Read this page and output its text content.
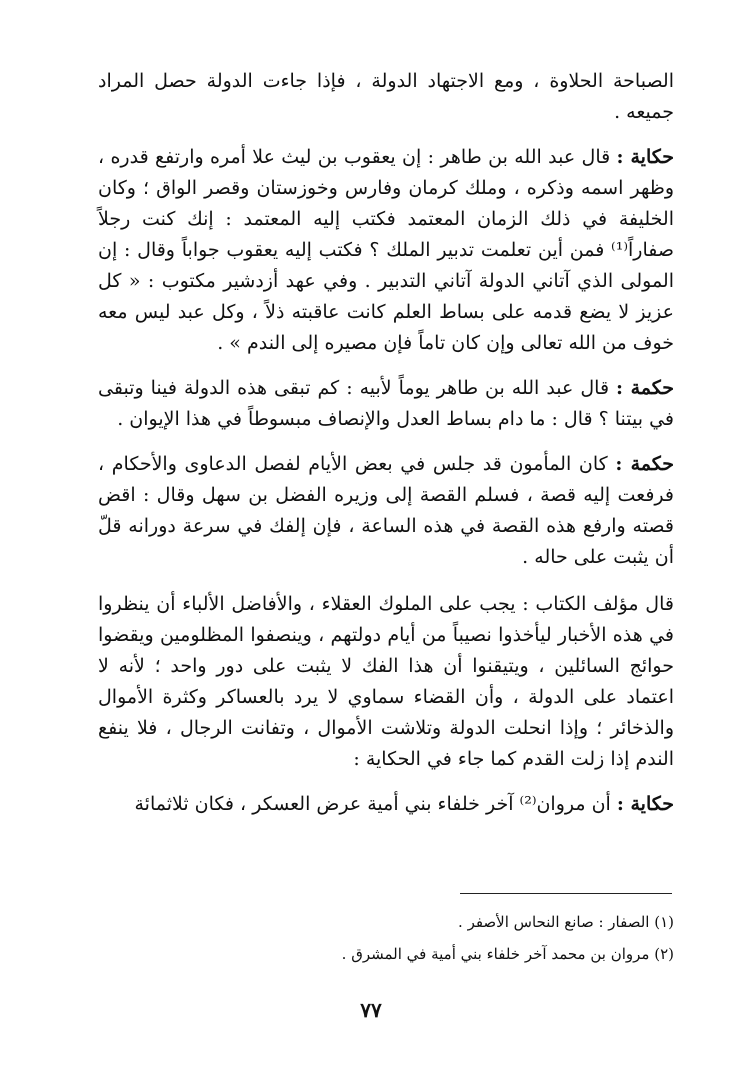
الصباحة الحلاوة ، ومع الاجتهاد الدولة ، فإذا جاءت الدولة حصل المراد جميعه .

حكاية : قال عبد الله بن طاهر : إن يعقوب بن ليث علا أمره وارتفع قدره ، وظهر اسمه وذكره ، وملك كرمان وفارس وخوزستان وقصر الواق ؛ وكان الخليفة في ذلك الزمان المعتمد فكتب إليه المعتمد : إنك كنت رجلاً صفاراً⁽¹⁾ فمن أين تعلمت تدبير الملك ؟ فكتب إليه يعقوب جواباً وقال : إن المولى الذي آتاني الدولة آتاني التدبير . وفي عهد أزدشير مكتوب : « كل عزيز لا يضع قدمه على بساط العلم كانت عاقبته ذلاً ، وكل عبد ليس معه خوف من الله تعالى وإن كان تاماً فإن مصيره إلى الندم » .

حكمة : قال عبد الله بن طاهر يوماً لأبيه : كم تبقى هذه الدولة فينا وتبقى في بيتنا ؟ قال : ما دام بساط العدل والإنصاف مبسوطاً في هذا الإيوان .

حكمة : كان المأمون قد جلس في بعض الأيام لفصل الدعاوى والأحكام ، فرفعت إليه قصة ، فسلم القصة إلى وزيره الفضل بن سهل وقال : اقض قصته وارفع هذه القصة في هذه الساعة ، فإن إلفك في سرعة دورانه قلّ أن يثبت على حاله .

قال مؤلف الكتاب : يجب على الملوك العقلاء ، والأفاضل الألباء أن ينظروا في هذه الأخبار ليأخذوا نصيباً من أيام دولتهم ، وينصفوا المظلومين ويقضوا حوائج السائلين ، ويتيقنوا أن هذا الفك لا يثبت على دور واحد ؛ لأنه لا اعتماد على الدولة ، وأن القضاء سماوي لا يرد بالعساكر وكثرة الأموال والذخائر ؛ وإذا انحلت الدولة وتلاشت الأموال ، وتفانت الرجال ، فلا ينفع الندم إذا زلت القدم كما جاء في الحكاية :

حكاية : أن مروان⁽²⁾ آخر خلفاء بني أمية عرض العسكر ، فكان ثلاثمائة

(١) الصفار : صانع النحاس الأصفر .

(٢) مروان بن محمد آخر خلفاء بني أمية في المشرق .

٧٧
